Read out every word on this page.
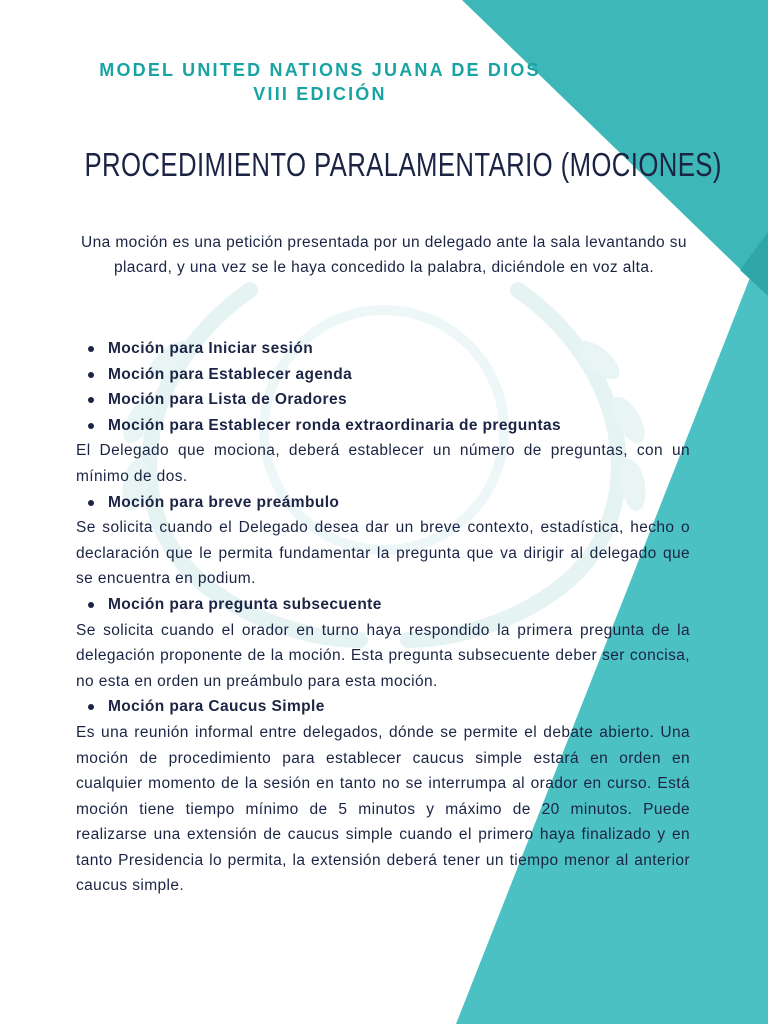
MODEL UNITED NATIONS JUANA DE DIOS
VIII EDICIÓN
PROCEDIMIENTO PARALAMENTARIO (MOCIONES)
Una moción es una petición presentada por un delegado ante la sala levantando su placard, y una vez se le haya concedido la palabra, diciéndole en voz alta.
Moción para Iniciar sesión
Moción para Establecer agenda
Moción para Lista de Oradores
Moción para Establecer ronda extraordinaria de preguntas
El Delegado que mociona, deberá establecer un número de preguntas, con un mínimo de dos.
Moción para breve preámbulo
Se solicita cuando el Delegado desea dar un breve contexto, estadística, hecho o declaración que le permita fundamentar la pregunta que va dirigir al delegado que se encuentra en podium.
Moción para pregunta subsecuente
Se solicita cuando el orador en turno haya respondido la primera pregunta de la delegación proponente de la moción. Esta pregunta subsecuente deber ser concisa, no esta en orden un preámbulo para esta moción.
Moción para Caucus Simple
Es una reunión informal entre delegados, dónde se permite el debate abierto. Una moción de procedimiento para establecer caucus simple estará en orden en cualquier momento de la sesión en tanto no se interrumpa al orador en curso. Está moción tiene tiempo mínimo de 5 minutos y máximo de 20 minutos. Puede realizarse una extensión de caucus simple cuando el primero haya finalizado y en tanto Presidencia lo permita, la extensión deberá tener un tiempo menor al anterior caucus simple.
